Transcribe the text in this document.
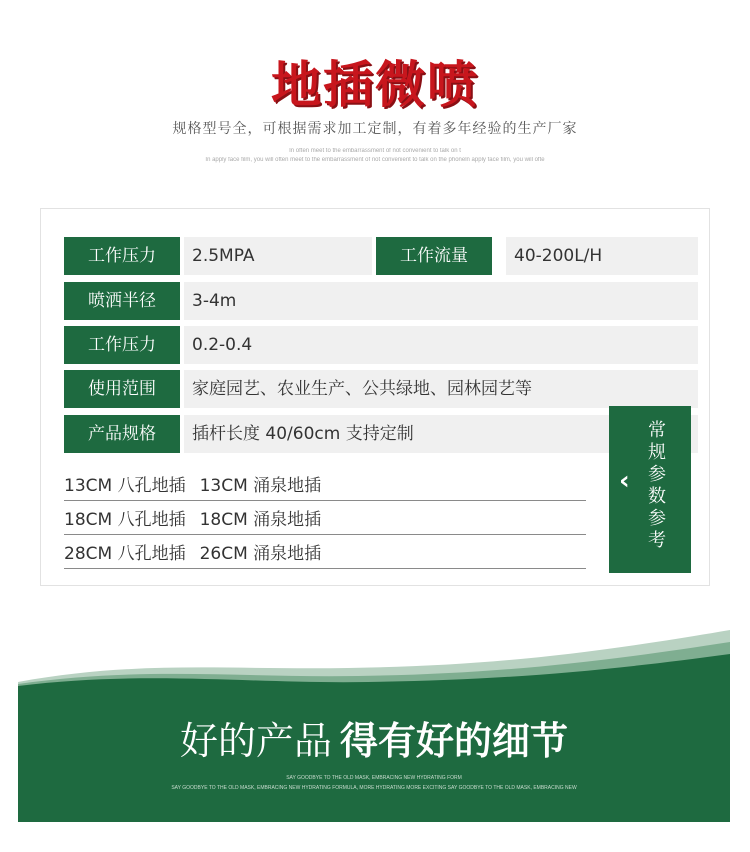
地插微喷
规格型号全，可根据需求加工定制，有着多年经验的生产厂家
In often meet to the embarrassment of not convenient to talk on t
In apply face film, you will often meet to the embarrassment of not convenient to talk on the phoneln apply face film, you will ofte
工作压力	2.5MPA	工作流量	40-200L/H
喷洒半径	3-4m
工作压力	0.2-0.4
使用范围	家庭园艺、农业生产、公共绿地、园林园艺等
产品规格	插杆长度 40/60cm 支持定制
13CM 八孔地插 13CM 涌泉地插
18CM 八孔地插 18CM 涌泉地插
28CM 八孔地插 26CM 涌泉地插
‹
常
规
参
数
参
考
好的产品 得有好的细节
SAY GOODBYE TO THE OLD MASK, EMBRACING NEW HYDRATING FORM
SAY GOODBYE TO THE OLD MASK, EMBRACING NEW HYDRATING FORMULA, MORE HYDRATING MORE EXCITING SAY GOODBYE TO THE OLD MASK, EMBRACING NEW
